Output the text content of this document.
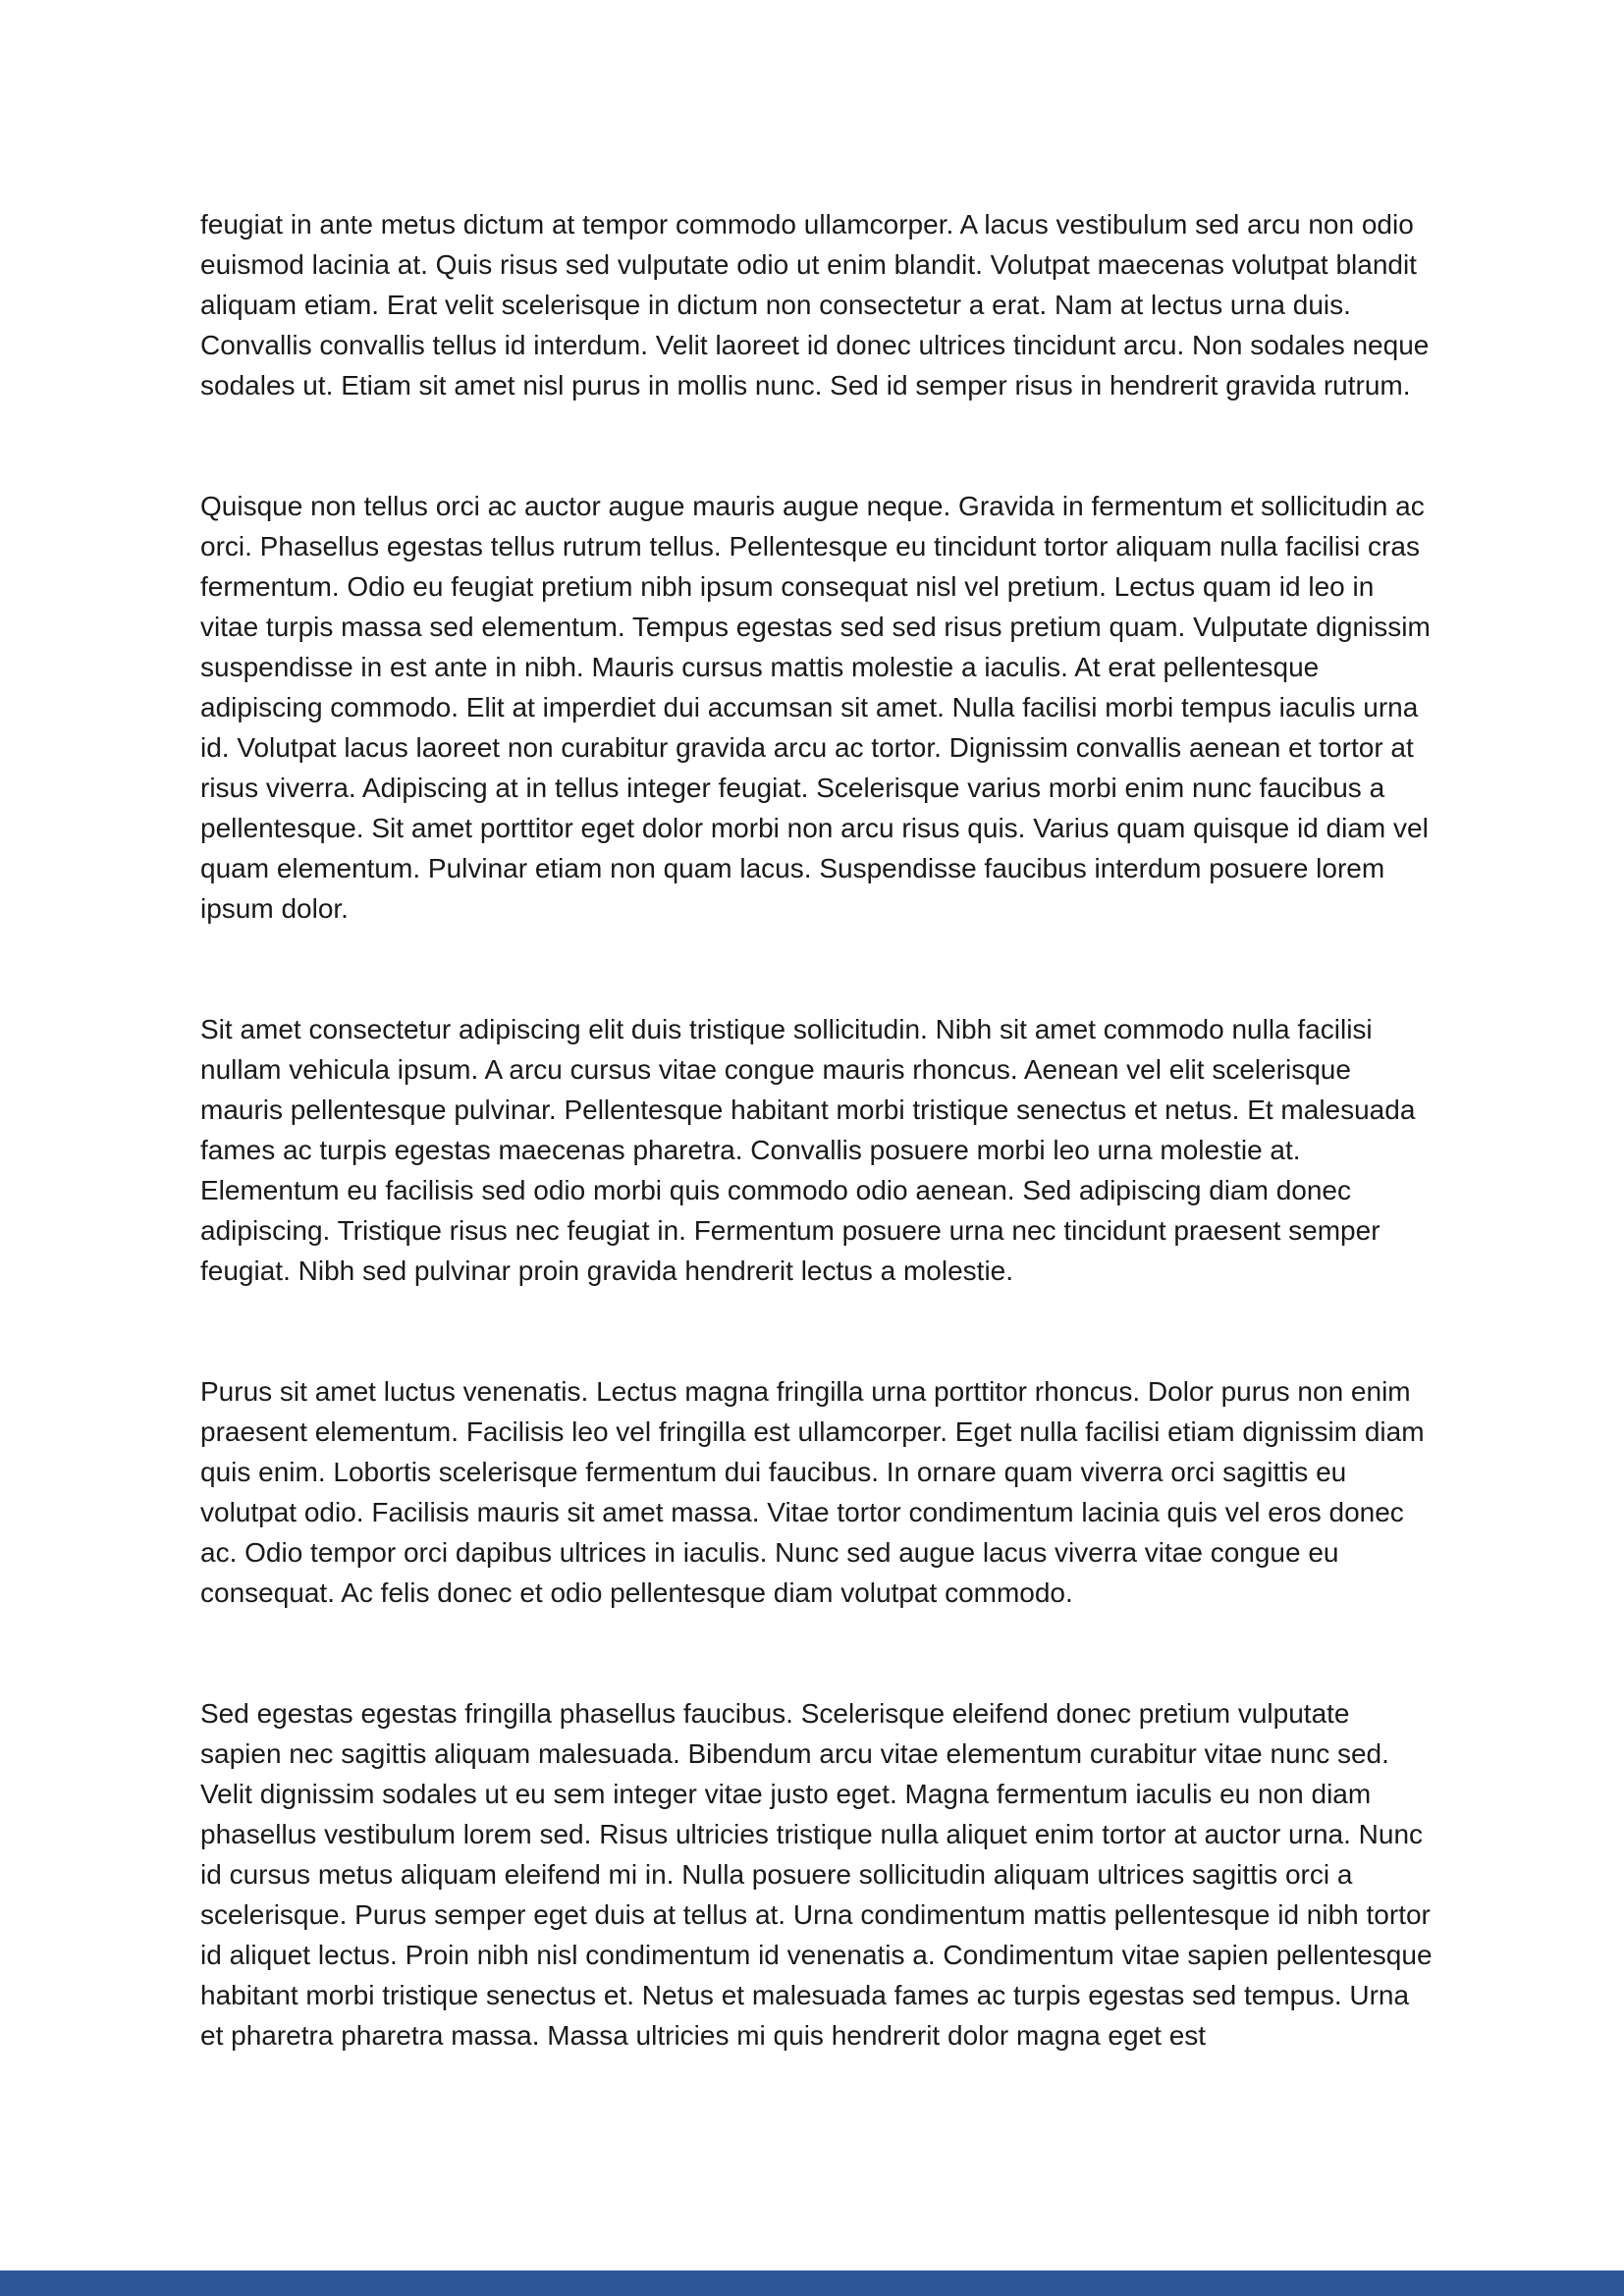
feugiat in ante metus dictum at tempor commodo ullamcorper. A lacus vestibulum sed arcu non odio euismod lacinia at. Quis risus sed vulputate odio ut enim blandit. Volutpat maecenas volutpat blandit aliquam etiam. Erat velit scelerisque in dictum non consectetur a erat. Nam at lectus urna duis. Convallis convallis tellus id interdum. Velit laoreet id donec ultrices tincidunt arcu. Non sodales neque sodales ut. Etiam sit amet nisl purus in mollis nunc. Sed id semper risus in hendrerit gravida rutrum.

Quisque non tellus orci ac auctor augue mauris augue neque. Gravida in fermentum et sollicitudin ac orci. Phasellus egestas tellus rutrum tellus. Pellentesque eu tincidunt tortor aliquam nulla facilisi cras fermentum. Odio eu feugiat pretium nibh ipsum consequat nisl vel pretium. Lectus quam id leo in vitae turpis massa sed elementum. Tempus egestas sed sed risus pretium quam. Vulputate dignissim suspendisse in est ante in nibh. Mauris cursus mattis molestie a iaculis. At erat pellentesque adipiscing commodo. Elit at imperdiet dui accumsan sit amet. Nulla facilisi morbi tempus iaculis urna id. Volutpat lacus laoreet non curabitur gravida arcu ac tortor. Dignissim convallis aenean et tortor at risus viverra. Adipiscing at in tellus integer feugiat. Scelerisque varius morbi enim nunc faucibus a pellentesque. Sit amet porttitor eget dolor morbi non arcu risus quis. Varius quam quisque id diam vel quam elementum. Pulvinar etiam non quam lacus. Suspendisse faucibus interdum posuere lorem ipsum dolor.

Sit amet consectetur adipiscing elit duis tristique sollicitudin. Nibh sit amet commodo nulla facilisi nullam vehicula ipsum. A arcu cursus vitae congue mauris rhoncus. Aenean vel elit scelerisque mauris pellentesque pulvinar. Pellentesque habitant morbi tristique senectus et netus. Et malesuada fames ac turpis egestas maecenas pharetra. Convallis posuere morbi leo urna molestie at. Elementum eu facilisis sed odio morbi quis commodo odio aenean. Sed adipiscing diam donec adipiscing. Tristique risus nec feugiat in. Fermentum posuere urna nec tincidunt praesent semper feugiat. Nibh sed pulvinar proin gravida hendrerit lectus a molestie.

Purus sit amet luctus venenatis. Lectus magna fringilla urna porttitor rhoncus. Dolor purus non enim praesent elementum. Facilisis leo vel fringilla est ullamcorper. Eget nulla facilisi etiam dignissim diam quis enim. Lobortis scelerisque fermentum dui faucibus. In ornare quam viverra orci sagittis eu volutpat odio. Facilisis mauris sit amet massa. Vitae tortor condimentum lacinia quis vel eros donec ac. Odio tempor orci dapibus ultrices in iaculis. Nunc sed augue lacus viverra vitae congue eu consequat. Ac felis donec et odio pellentesque diam volutpat commodo.

Sed egestas egestas fringilla phasellus faucibus. Scelerisque eleifend donec pretium vulputate sapien nec sagittis aliquam malesuada. Bibendum arcu vitae elementum curabitur vitae nunc sed. Velit dignissim sodales ut eu sem integer vitae justo eget. Magna fermentum iaculis eu non diam phasellus vestibulum lorem sed. Risus ultricies tristique nulla aliquet enim tortor at auctor urna. Nunc id cursus metus aliquam eleifend mi in. Nulla posuere sollicitudin aliquam ultrices sagittis orci a scelerisque. Purus semper eget duis at tellus at. Urna condimentum mattis pellentesque id nibh tortor id aliquet lectus. Proin nibh nisl condimentum id venenatis a. Condimentum vitae sapien pellentesque habitant morbi tristique senectus et. Netus et malesuada fames ac turpis egestas sed tempus. Urna et pharetra pharetra massa. Massa ultricies mi quis hendrerit dolor magna eget est
